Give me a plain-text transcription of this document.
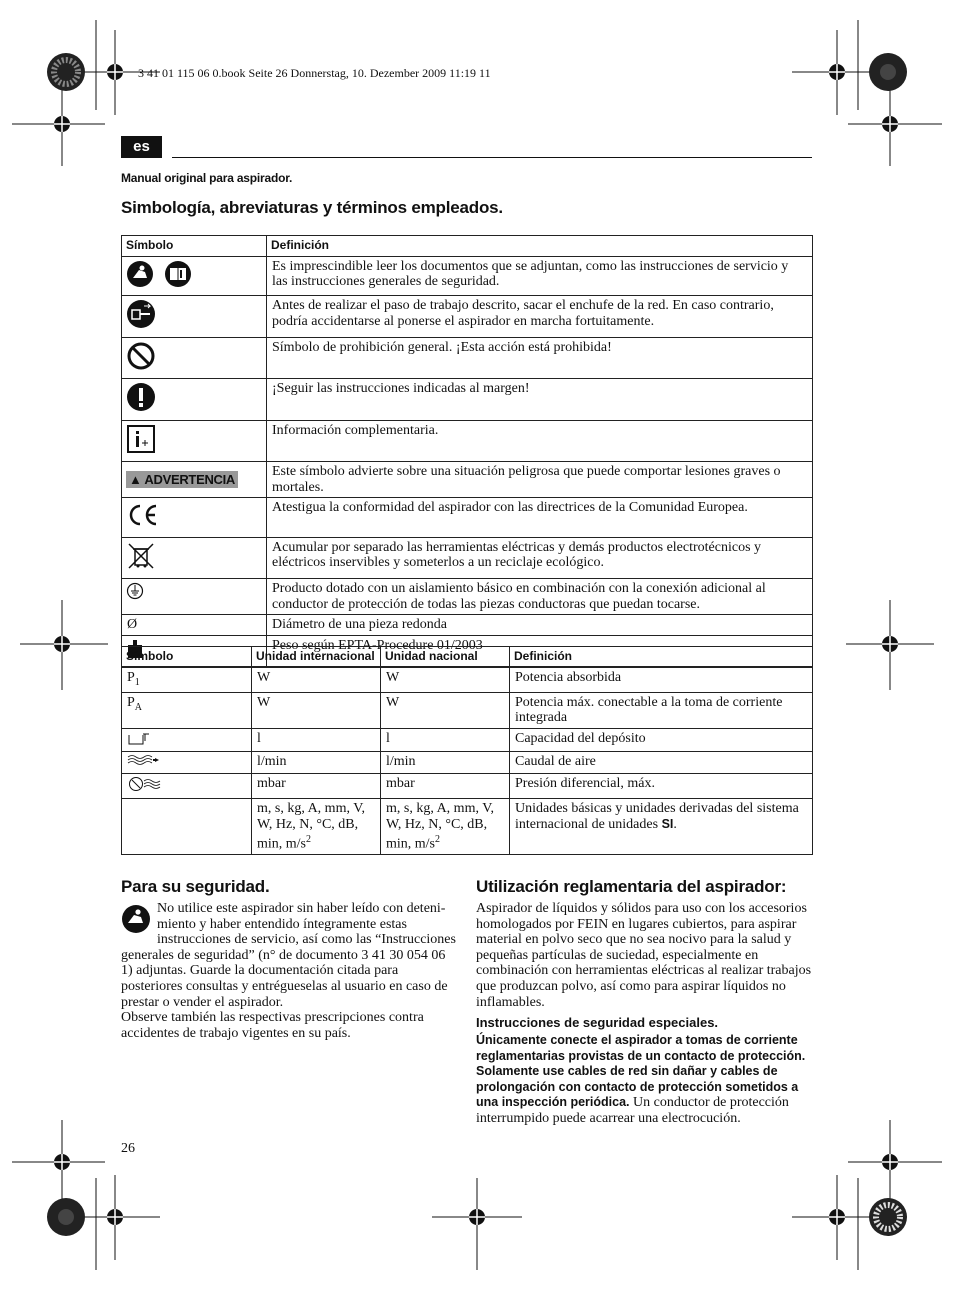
3 41 01 115 06 0.book Seite 26 Donnerstag, 10. Dezember 2009 11:19 11
es
Manual original para aspirador.
Simbología, abreviaturas y términos empleados.
Símbolo	Definición
	Es imprescindible leer los documentos que se adjuntan, como las instrucciones de servicio y las instrucciones generales de seguridad.
	Antes de realizar el paso de trabajo descrito, sacar el enchufe de la red. En caso contrario, podría accidentarse al ponerse el aspirador en marcha fortuitamente.
	Símbolo de prohibición general. ¡Esta acción está prohibida!
	¡Seguir las instrucciones indicadas al margen!
	Información complementaria.
▲ ADVERTENCIA	Este símbolo advierte sobre una situación peligrosa que puede comportar lesiones graves o mortales.
	Atestigua la conformidad del aspirador con las directrices de la Comunidad Europea.
	Acumular por separado las herramientas eléctricas y demás productos electrotécnicos y eléctricos inservibles y someterlos a un reciclaje ecológico.
	Producto dotado con un aislamiento básico en combinación con la conexión adicional al conductor de protección de todas las piezas conductoras que puedan tocarse.
Ø	Diámetro de una pieza redonda
	Peso según EPTA-Procedure 01/2003
Símbolo	Unidad internacional	Unidad nacional	Definición
$P_1$	W	W	Potencia absorbida
$P_A$	W	W	Potencia máx. conectable a la toma de corriente integrada
	l	l	Capacidad del depósito
	l/min	l/min	Caudal de aire
	mbar	mbar	Presión diferencial, máx.
	m, s, kg, A, mm, V, W, Hz, N, °C, dB, min, $m/s^2$	m, s, kg, A, mm, V, W, Hz, N, °C, dB, min, $m/s^2$	Unidades básicas y unidades derivadas del sistema internacional de unidades SI.
Para su seguridad.
No utilice este aspirador sin haber leído con detenimiento y haber entendido íntegramente estas instrucciones de servicio, así como las “Instrucciones generales de seguridad” (n° de documento 3 41 30 054 06 1) adjuntas. Guarde la documentación citada para posteriores consultas y entrégueselas al usuario en caso de prestar o vender el aspirador.
Observe también las respectivas prescripciones contra accidentes de trabajo vigentes en su país.
Utilización reglamentaria del aspirador:
Aspirador de líquidos y sólidos para uso con los accesorios homologados por FEIN en lugares cubiertos, para aspirar material en polvo seco que no sea nocivo para la salud y pequeñas partículas de suciedad, especialmente en combinación con herramientas eléctricas al realizar trabajos que produzcan polvo, así como para aspirar líquidos no inflamables.
Instrucciones de seguridad especiales.
Únicamente conecte el aspirador a tomas de corriente reglamentarias provistas de un contacto de protección. Solamente use cables de red sin dañar y cables de prolongación con contacto de protección sometidos a una inspección periódica. Un conductor de protección interrumpido puede acarrear una electrocución.
26
